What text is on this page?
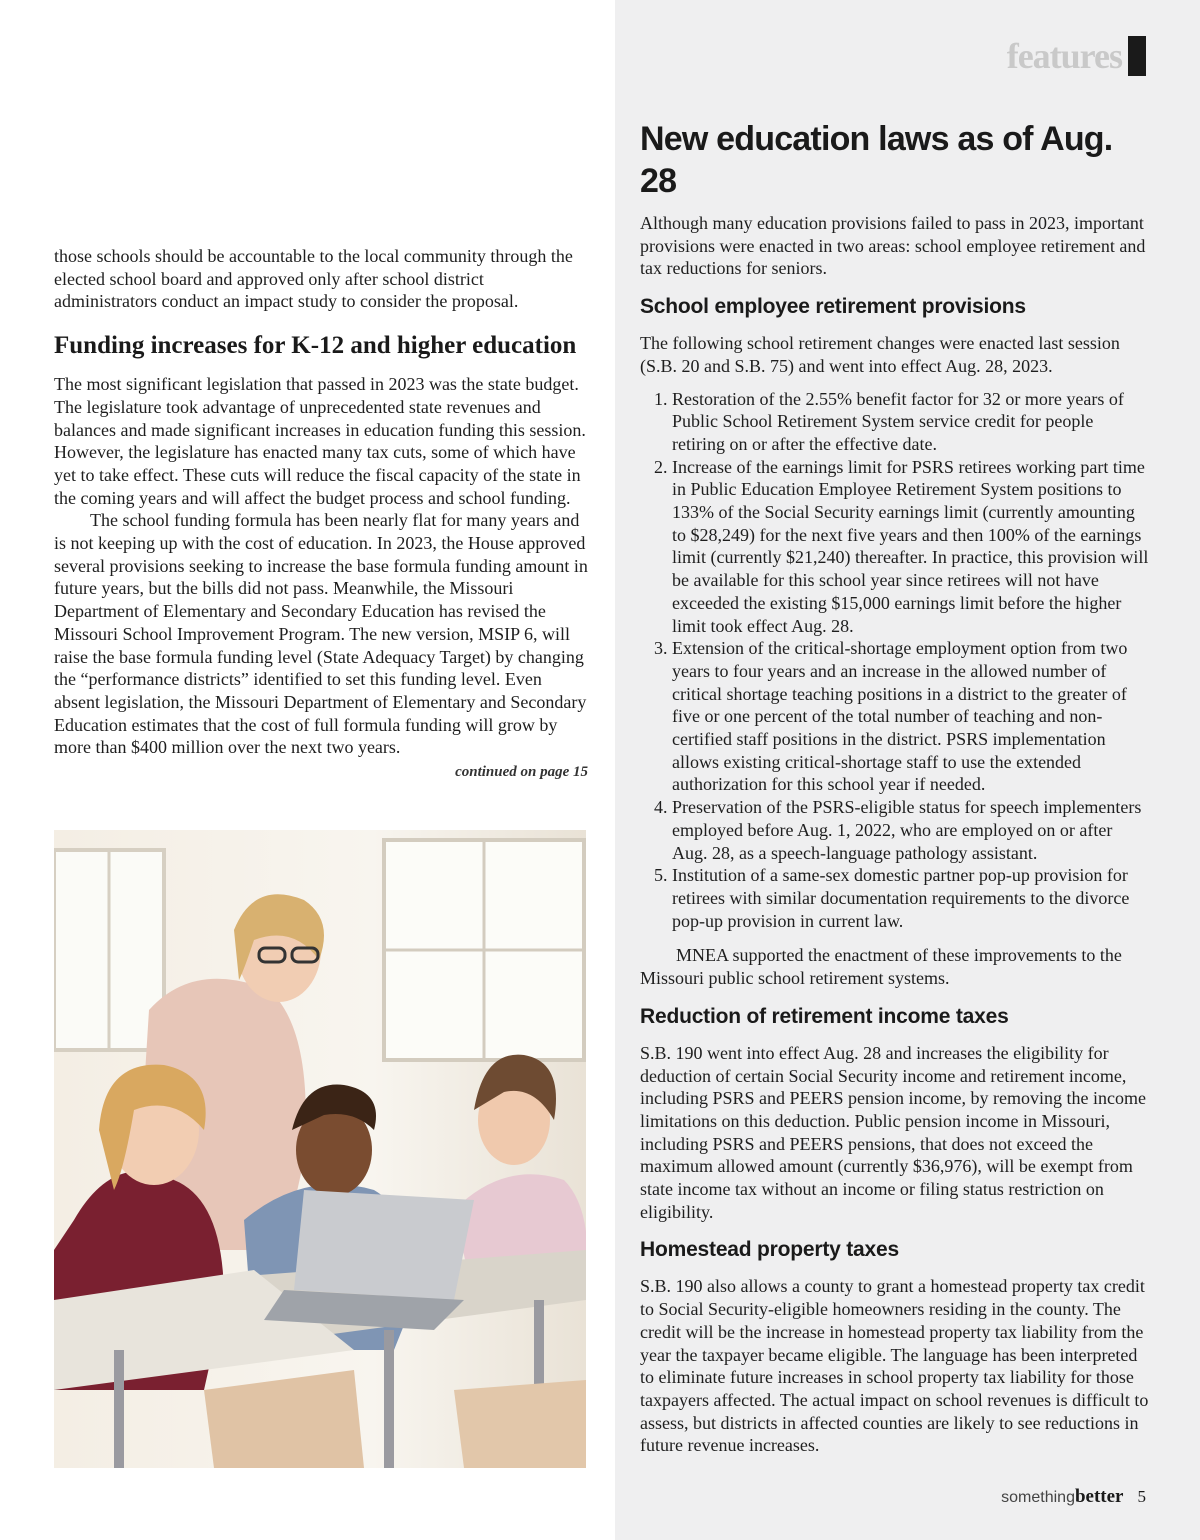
features

those schools should be accountable to the local community through the elected school board and approved only after school district administrators conduct an impact study to consider the proposal.

Funding increases for K-12 and higher education

The most significant legislation that passed in 2023 was the state budget. The legislature took advantage of unprecedented state revenues and balances and made significant increases in education funding this session. However, the legislature has enacted many tax cuts, some of which have yet to take effect. These cuts will reduce the fiscal capacity of the state in the coming years and will affect the budget process and school funding.

The school funding formula has been nearly flat for many years and is not keeping up with the cost of education. In 2023, the House approved several provisions seeking to increase the base formula funding amount in future years, but the bills did not pass. Meanwhile, the Missouri Department of Elementary and Secondary Education has revised the Missouri School Improvement Program. The new version, MSIP 6, will raise the base formula funding level (State Adequacy Target) by changing the “performance districts” identified to set this funding level. Even absent legislation, the Missouri Department of Elementary and Secondary Education estimates that the cost of full formula funding will grow by more than $400 million over the next two years.

continued on page 15
New education laws as of Aug. 28

Although many education provisions failed to pass in 2023, important provisions were enacted in two areas: school employee retirement and tax reductions for seniors.

School employee retirement provisions

The following school retirement changes were enacted last session (S.B. 20 and S.B. 75) and went into effect Aug. 28, 2023.

1. Restoration of the 2.55% benefit factor for 32 or more years of Public School Retirement System service credit for people retiring on or after the effective date.
2. Increase of the earnings limit for PSRS retirees working part time in Public Education Employee Retirement System positions to 133% of the Social Security earnings limit (currently amounting to $28,249) for the next five years and then 100% of the earnings limit (currently $21,240) thereafter. In practice, this provision will be available for this school year since retirees will not have exceeded the existing $15,000 earnings limit before the higher limit took effect Aug. 28.
3. Extension of the critical-shortage employment option from two years to four years and an increase in the allowed number of critical shortage teaching positions in a district to the greater of five or one percent of the total number of teaching and non-certified staff positions in the district. PSRS implementation allows existing critical-shortage staff to use the extended authorization for this school year if needed.
4. Preservation of the PSRS-eligible status for speech implementers employed before Aug. 1, 2022, who are employed on or after Aug. 28, as a speech-language pathology assistant.
5. Institution of a same-sex domestic partner pop-up provision for retirees with similar documentation requirements to the divorce pop-up provision in current law.

MNEA supported the enactment of these improvements to the Missouri public school retirement systems.

Reduction of retirement income taxes

S.B. 190 went into effect Aug. 28 and increases the eligibility for deduction of certain Social Security income and retirement income, including PSRS and PEERS pension income, by removing the income limitations on this deduction. Public pension income in Missouri, including PSRS and PEERS pensions, that does not exceed the maximum allowed amount (currently $36,976), will be exempt from state income tax without an income or filing status restriction on eligibility.

Homestead property taxes

S.B. 190 also allows a county to grant a homestead property tax credit to Social Security-eligible homeowners residing in the county. The credit will be the increase in homestead property tax liability from the year the taxpayer became eligible. The language has been interpreted to eliminate future increases in school property tax liability for those taxpayers affected. The actual impact on school revenues is difficult to assess, but districts in affected counties are likely to see reductions in future revenue increases.

something better 5
